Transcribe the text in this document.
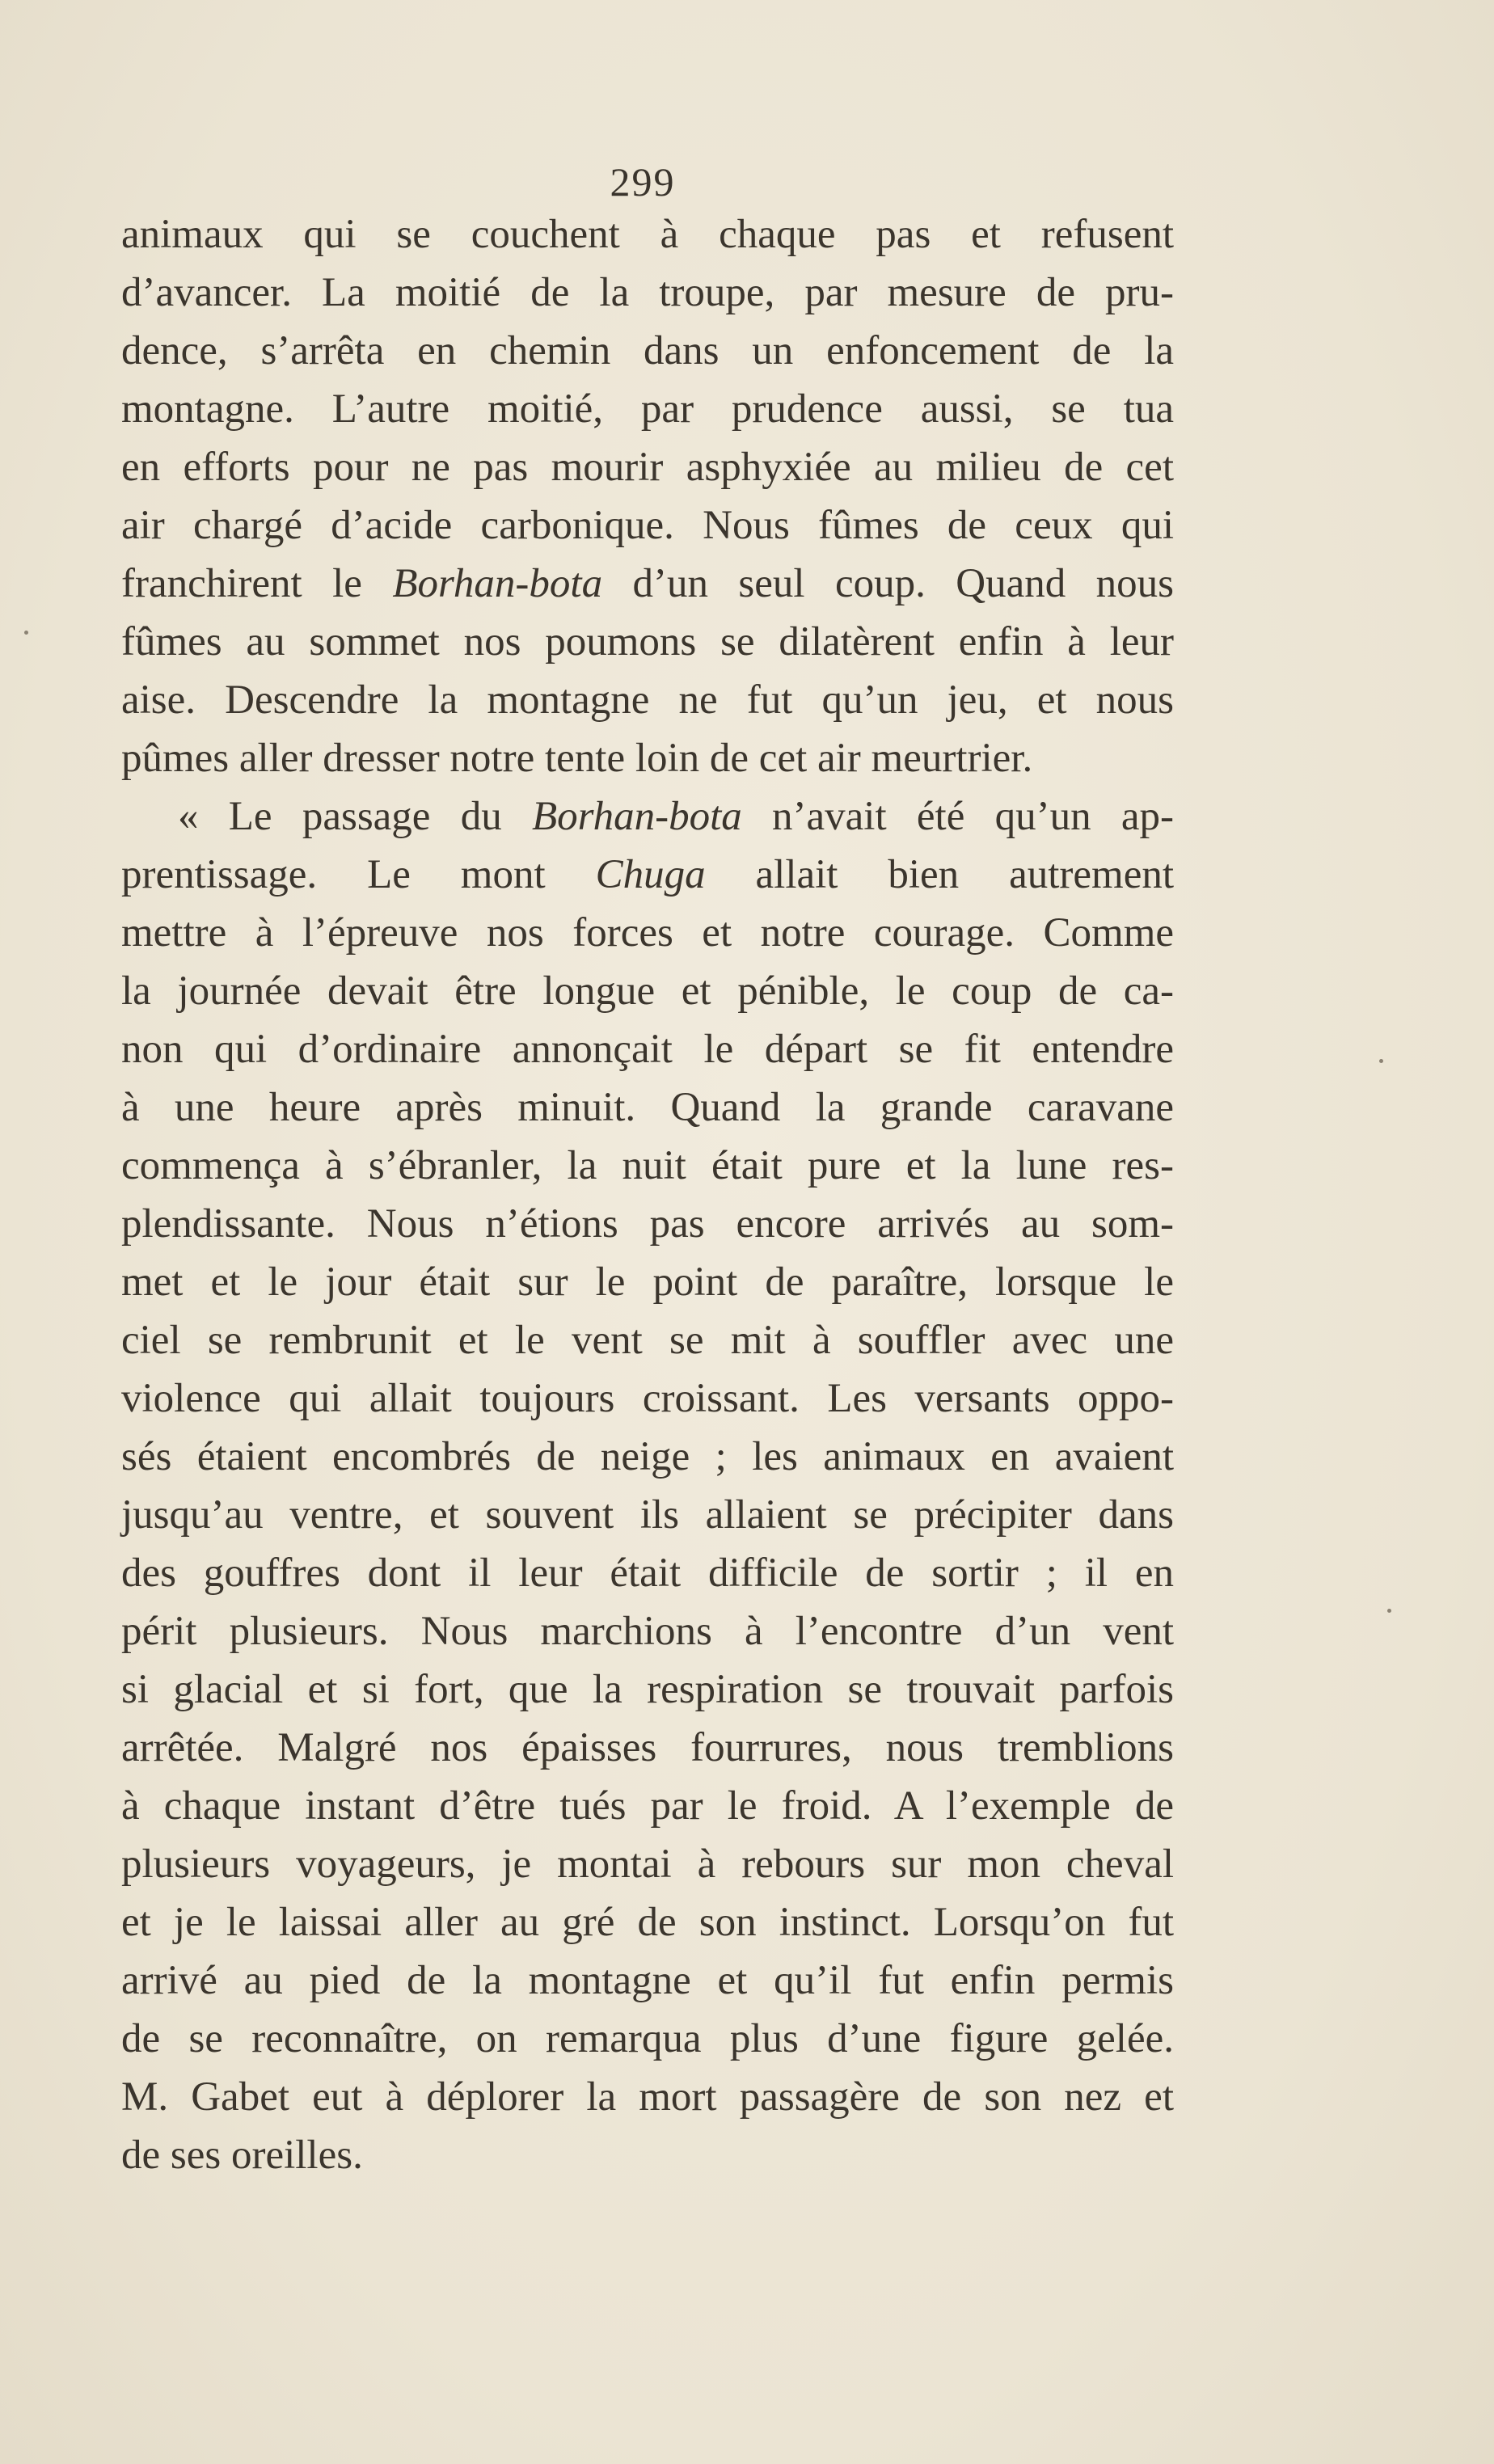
299
animaux qui se couchent à chaque pas et refusent
d’avancer. La moitié de la troupe, par mesure de pru-
dence, s’arrêta en chemin dans un enfoncement de la
montagne. L’autre moitié, par prudence aussi, se tua
en efforts pour ne pas mourir asphyxiée au milieu de cet
air chargé d’acide carbonique. Nous fûmes de ceux qui
franchirent le Borhan-bota d’un seul coup. Quand nous
fûmes au sommet nos poumons se dilatèrent enfin à leur
aise. Descendre la montagne ne fut qu’un jeu, et nous
pûmes aller dresser notre tente loin de cet air meurtrier.
« Le passage du Borhan-bota n’avait été qu’un ap-
prentissage. Le mont Chuga allait bien autrement
mettre à l’épreuve nos forces et notre courage. Comme
la journée devait être longue et pénible, le coup de ca-
non qui d’ordinaire annonçait le départ se fit entendre
à une heure après minuit. Quand la grande caravane
commença à s’ébranler, la nuit était pure et la lune res-
plendissante. Nous n’étions pas encore arrivés au som-
met et le jour était sur le point de paraître, lorsque le
ciel se rembrunit et le vent se mit à souffler avec une
violence qui allait toujours croissant. Les versants oppo-
sés étaient encombrés de neige ; les animaux en avaient
jusqu’au ventre, et souvent ils allaient se précipiter dans
des gouffres dont il leur était difficile de sortir ; il en
périt plusieurs. Nous marchions à l’encontre d’un vent
si glacial et si fort, que la respiration se trouvait parfois
arrêtée. Malgré nos épaisses fourrures, nous tremblions
à chaque instant d’être tués par le froid. A l’exemple de
plusieurs voyageurs, je montai à rebours sur mon cheval
et je le laissai aller au gré de son instinct. Lorsqu’on fut
arrivé au pied de la montagne et qu’il fut enfin permis
de se reconnaître, on remarqua plus d’une figure gelée.
M. Gabet eut à déplorer la mort passagère de son nez et
de ses oreilles.
